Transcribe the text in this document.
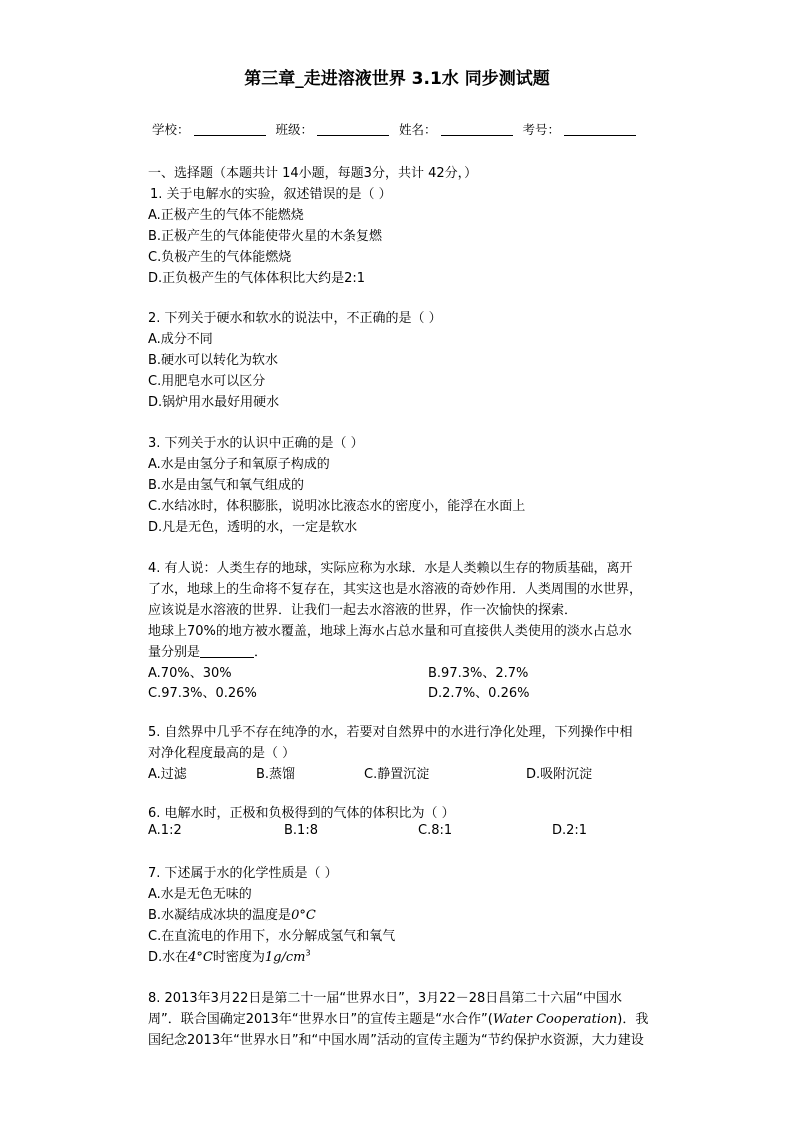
第三章_走进溶液世界 3.1水 同步测试题
学校：	班级：	姓名：	考号：
一、选择题（本题共计 14小题，每题3分，共计 42分，）
1. 关于电解水的实验，叙述错误的是（ ）
A.正极产生的气体不能燃烧
B.正极产生的气体能使带火星的木条复燃
C.负极产生的气体能燃烧
D.正负极产生的气体体积比大约是2:1
2. 下列关于硬水和软水的说法中，不正确的是（ ）
A.成分不同
B.硬水可以转化为软水
C.用肥皂水可以区分
D.锅炉用水最好用硬水
3. 下列关于水的认识中正确的是（ ）
A.水是由氢分子和氧原子构成的
B.水是由氢气和氧气组成的
C.水结冰时，体积膨胀，说明冰比液态水的密度小，能浮在水面上
D.凡是无色，透明的水，一定是软水
4. 有人说：人类生存的地球，实际应称为水球．水是人类赖以生存的物质基础，离开
了水，地球上的生命将不复存在，其实这也是水溶液的奇妙作用．人类周围的水世界，
应该说是水溶液的世界．让我们一起去水溶液的世界，作一次愉快的探索．
地球上70%的地方被水覆盖，地球上海水占总水量和可直接供人类使用的淡水占总水
量分别是	．
A.70%、30%	B.97.3%、2.7%
C.97.3%、0.26%	D.2.7%、0.26%
5. 自然界中几乎不存在纯净的水，若要对自然界中的水进行净化处理，下列操作中相
对净化程度最高的是（ ）
A.过滤	B.蒸馏	C.静置沉淀	D.吸附沉淀
6. 电解水时，正极和负极得到的气体的体积比为（ ）
A.1:2	B.1:8	C.8:1	D.2:1
7. 下述属于水的化学性质是（ ）
A.水是无色无味的
B.水凝结成冰块的温度是0°C
C.在直流电的作用下，水分解成氢气和氧气
D.水在4°C时密度为$1g/cm^3$
8. 2013年3月22日是第二十一届“世界水日”，3月22－28日昌第二十六届“中国水
周”．联合国确定2013年“世界水日”的宣传主题是“水合作”(Water Cooperation)．我
国纪念2013年“世界水日”和“中国水周”活动的宣传主题为“节约保护水资源，大力建设
